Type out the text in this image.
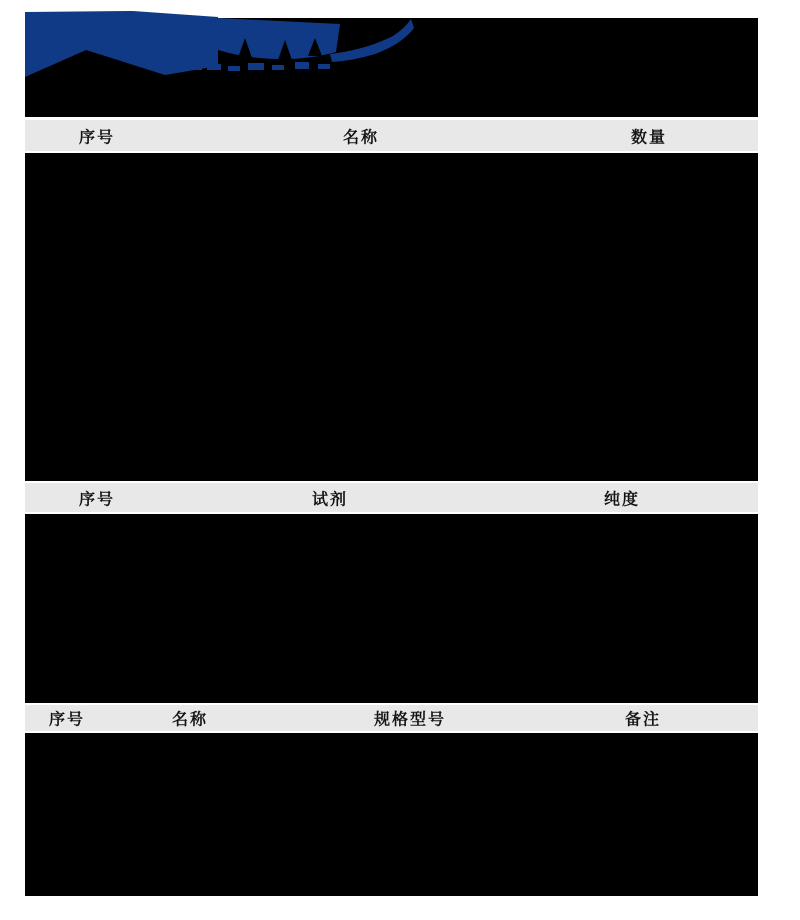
序号	名称	数量
序号	试剂	纯度
序号	名称	规格型号	备注
